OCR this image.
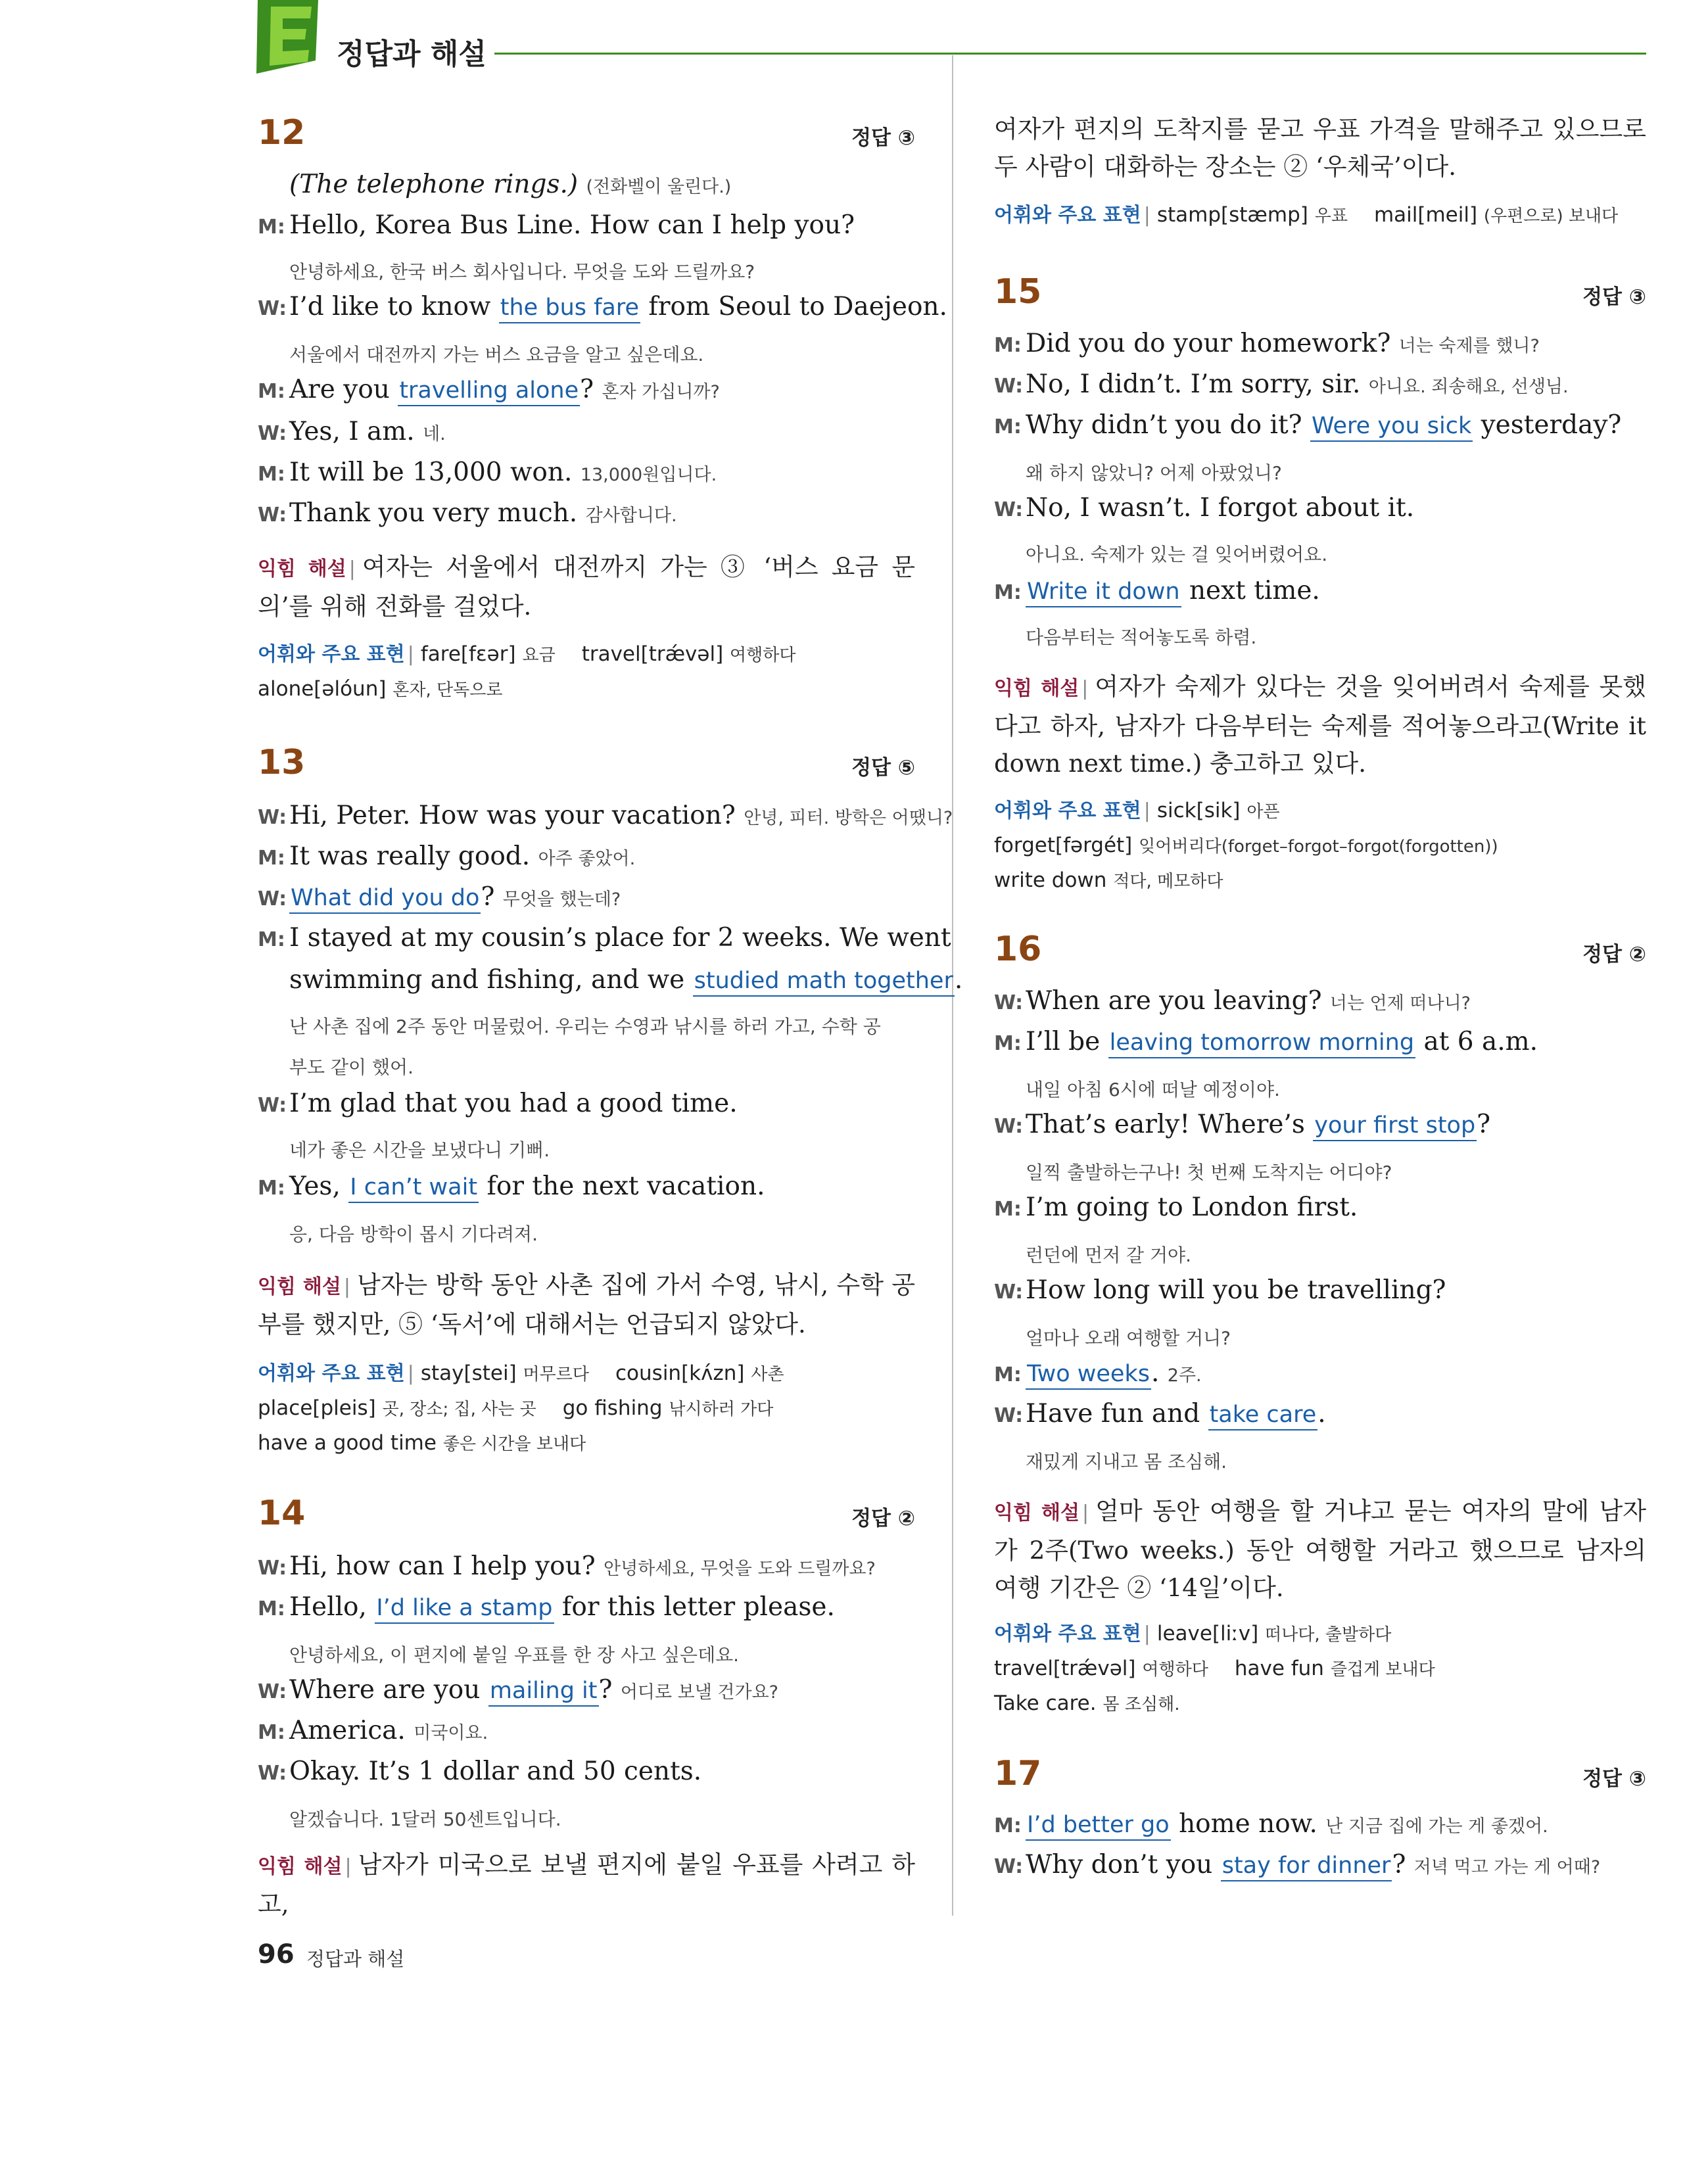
정답과 해설
12	정답 ③
(The telephone rings.) (전화벨이 울린다.)
M: Hello, Korea Bus Line. How can I help you?
안녕하세요, 한국 버스 회사입니다. 무엇을 도와 드릴까요?
W:I’d like to know the bus fare from Seoul to Daejeon.
서울에서 대전까지 가는 버스 요금을 알고 싶은데요.
M: Are you travelling alone? 혼자 가십니까?
W:Yes, I am. 네.
M: It will be 13,000 won. 13,000원입니다.
W:Thank you very much. 감사합니다.
익힘 해설 | 여자는 서울에서 대전까지 가는 ③ ‘버스 요금 문의’를 위해 전화를 걸었다.
어휘와 주요 표현 | fare[fɛər] 요금 travel[trǽvəl] 여행하다
alone[əlóun] 혼자, 단독으로
13	정답 ⑤
W:Hi, Peter. How was your vacation? 안녕, 피터. 방학은 어땠니?
M: It was really good. 아주 좋았어.
W: What did you do? 무엇을 했는데?
M: I stayed at my cousin’s place for 2 weeks. We went
swimming and fishing, and we studied math together.
난 사촌 집에 2주 동안 머물렀어. 우리는 수영과 낚시를 하러 가고, 수학 공
부도 같이 했어.
W:I’m glad that you had a good time.
네가 좋은 시간을 보냈다니 기뻐.
M: Yes, I can’t wait for the next vacation.
응, 다음 방학이 몹시 기다려져.
익힘 해설 | 남자는 방학 동안 사촌 집에 가서 수영, 낚시, 수학 공부를 했지만, ⑤ ‘독서’에 대해서는 언급되지 않았다.
어휘와 주요 표현 | stay[stei] 머무르다 cousin[kʌ́zn] 사촌
place[pleis] 곳, 장소; 집, 사는 곳 go fishing 낚시하러 가다
have a good time 좋은 시간을 보내다
14	정답 ②
W:Hi, how can I help you? 안녕하세요, 무엇을 도와 드릴까요?
M: Hello, I’d like a stamp for this letter please.
안녕하세요, 이 편지에 붙일 우표를 한 장 사고 싶은데요.
W:Where are you mailing it? 어디로 보낼 건가요?
M: America. 미국이요.
W:Okay. It’s 1 dollar and 50 cents.
알겠습니다. 1달러 50센트입니다.
익힘 해설 | 남자가 미국으로 보낼 편지에 붙일 우표를 사려고 하고,
여자가 편지의 도착지를 묻고 우표 가격을 말해주고 있으므로 두 사람이 대화하는 장소는 ② ‘우체국’이다.
어휘와 주요 표현 | stamp[stæmp] 우표 mail[meil] (우편으로) 보내다
15	정답 ③
M: Did you do your homework? 너는 숙제를 했니?
W:No, I didn’t. I’m sorry, sir. 아니요. 죄송해요, 선생님.
M: Why didn’t you do it? Were you sick yesterday?
왜 하지 않았니? 어제 아팠었니?
W:No, I wasn’t. I forgot about it.
아니요. 숙제가 있는 걸 잊어버렸어요.
M: Write it down next time.
다음부터는 적어놓도록 하렴.
익힘 해설 | 여자가 숙제가 있다는 것을 잊어버려서 숙제를 못했다고 하자, 남자가 다음부터는 숙제를 적어놓으라고(Write it down next time.) 충고하고 있다.
어휘와 주요 표현 | sick[sik] 아픈
forget[fərgét] 잊어버리다(forget–forgot–forgot(forgotten))
write down 적다, 메모하다
16	정답 ②
W:When are you leaving? 너는 언제 떠나니?
M: I’ll be leaving tomorrow morning at 6 a.m.
내일 아침 6시에 떠날 예정이야.
W:That’s early! Where’s your first stop?
일찍 출발하는구나! 첫 번째 도착지는 어디야?
M: I’m going to London first.
런던에 먼저 갈 거야.
W:How long will you be travelling?
얼마나 오래 여행할 거니?
M: Two weeks. 2주.
W:Have fun and take care.
재밌게 지내고 몸 조심해.
익힘 해설 | 얼마 동안 여행을 할 거냐고 묻는 여자의 말에 남자가 2주(Two weeks.) 동안 여행할 거라고 했으므로 남자의 여행 기간은 ② ‘14일’이다.
어휘와 주요 표현 | leave[liːv] 떠나다, 출발하다
travel[trǽvəl] 여행하다 have fun 즐겁게 보내다
Take care. 몸 조심해.
17	정답 ③
M: I’d better go home now. 난 지금 집에 가는 게 좋겠어.
W:Why don’t you stay for dinner? 저녁 먹고 가는 게 어때?
96 정답과 해설
